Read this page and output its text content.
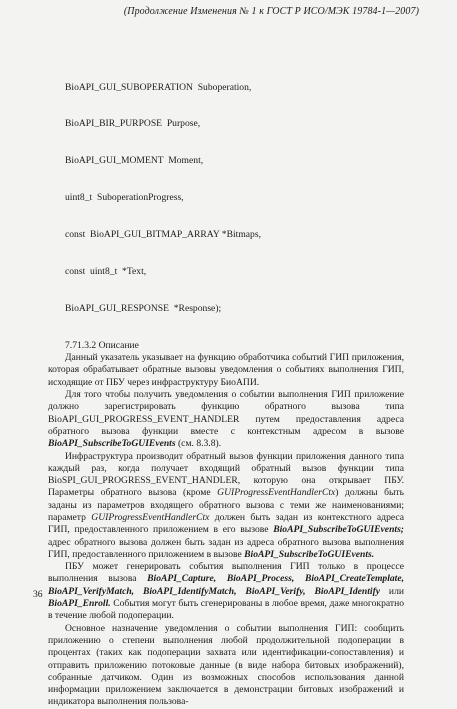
(Продолжение Изменения № 1 к ГОСТ Р ИСО/МЭК 19784-1—2007)

BioAPI_GUI_SUBOPERATION  Suboperation,

BioAPI_BIR_PURPOSE  Purpose,

BioAPI_GUI_MOMENT  Moment,

uint8_t  SuboperationProgress,

const  BioAPI_GUI_BITMAP_ARRAY *Bitmaps,

const  uint8_t  *Text,

BioAPI_GUI_RESPONSE  *Response);

7.71.3.2 Описание

Данный указатель указывает на функцию обработчика событий ГИП приложения, которая обрабатывает обратные вызовы уведомления о событиях выполнения ГИП, исходящие от ПБУ через инфраструктуру БиоАПИ.

Для того чтобы получить уведомления о событии выполнения ГИП приложение должно зарегистрировать функцию обратного вызова типа BioAPI_GUI_PROGRESS_EVENT_HANDLER путем предоставления адреса обратного вызова функции вместе с контекстным адресом в вызове BioAPI_SubscribeToGUIEvents (см. 8.3.8).

Инфраструктура производит обратный вызов функции приложения данного типа каждый раз, когда получает входящий обратный вызов функции типа BioSPI_GUI_PROGRESS_EVENT_HANDLER, которую она открывает ПБУ. Параметры обратного вызова (кроме GUIProgressEventHandlerCtx) должны быть заданы из параметров входящего обратного вызова с теми же наименованиями; параметр GUIProgressEventHandlerCtx должен быть задан из контекстного адреса ГИП, предоставленного приложением в его вызове BioAPI_SubscribeToGUIEvents; адрес обратного вызова должен быть задан из адреса обратного вызова выполнения ГИП, предоставленного приложением в вызове BioAPI_SubscribeToGUIEvents.

ПБУ может генерировать события выполнения ГИП только в процессе выполнения вызова BioAPI_Capture, BioAPI_Process, BioAPI_CreateTemplate, BioAPI_VerifyMatch, BioAPI_IdentifyMatch, BioAPI_Verify, BioAPI_Identify или BioAPI_Enroll. События могут быть сгенерированы в любое время, даже многократно в течение любой подоперации.

Основное назначение уведомления о событии выполнения ГИП: сообщить приложению о степени выполнения любой продолжительной подоперации в процентах (таких как подоперации захвата или идентификации-сопоставления) и отправить приложению потоковые данные (в виде набора битовых изображений), собранные датчиком. Один из возможных способов использования данной информации приложением заключается в демонстрации битовых изображений и индикатора выполнения пользова-

36
